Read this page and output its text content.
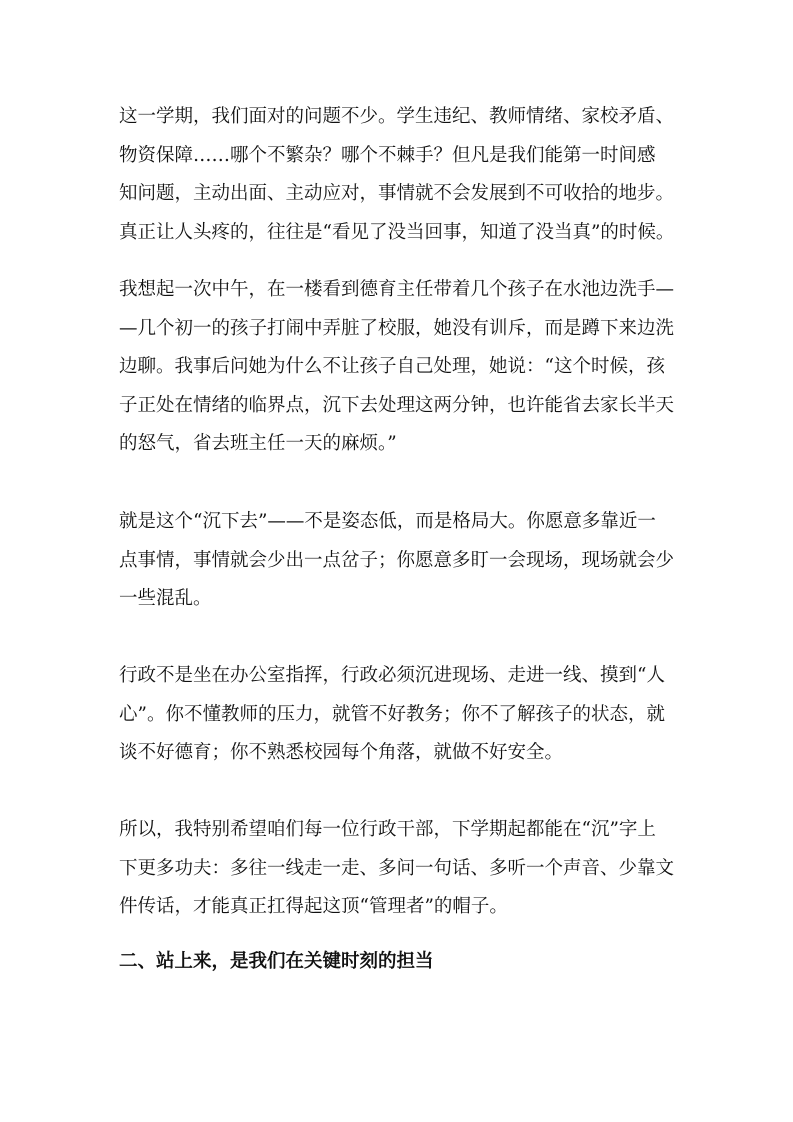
这一学期，我们面对的问题不少。学生违纪、教师情绪、家校矛盾、
物资保障……哪个不繁杂？哪个不棘手？但凡是我们能第一时间感
知问题，主动出面、主动应对，事情就不会发展到不可收拾的地步。
真正让人头疼的，往往是“看见了没当回事，知道了没当真”的时候。

我想起一次中午，在一楼看到德育主任带着几个孩子在水池边洗手—
—几个初一的孩子打闹中弄脏了校服，她没有训斥，而是蹲下来边洗
边聊。我事后问她为什么不让孩子自己处理，她说：“这个时候，孩
子正处在情绪的临界点，沉下去处理这两分钟，也许能省去家长半天
的怒气，省去班主任一天的麻烦。”

就是这个“沉下去”——不是姿态低，而是格局大。你愿意多靠近一
点事情，事情就会少出一点岔子；你愿意多盯一会现场，现场就会少
一些混乱。

行政不是坐在办公室指挥，行政必须沉进现场、走进一线、摸到“人
心”。你不懂教师的压力，就管不好教务；你不了解孩子的状态，就
谈不好德育；你不熟悉校园每个角落，就做不好安全。

所以，我特别希望咱们每一位行政干部，下学期起都能在“沉”字上
下更多功夫：多往一线走一走、多问一句话、多听一个声音、少靠文
件传话，才能真正扛得起这顶“管理者”的帽子。

二、站上来，是我们在关键时刻的担当
